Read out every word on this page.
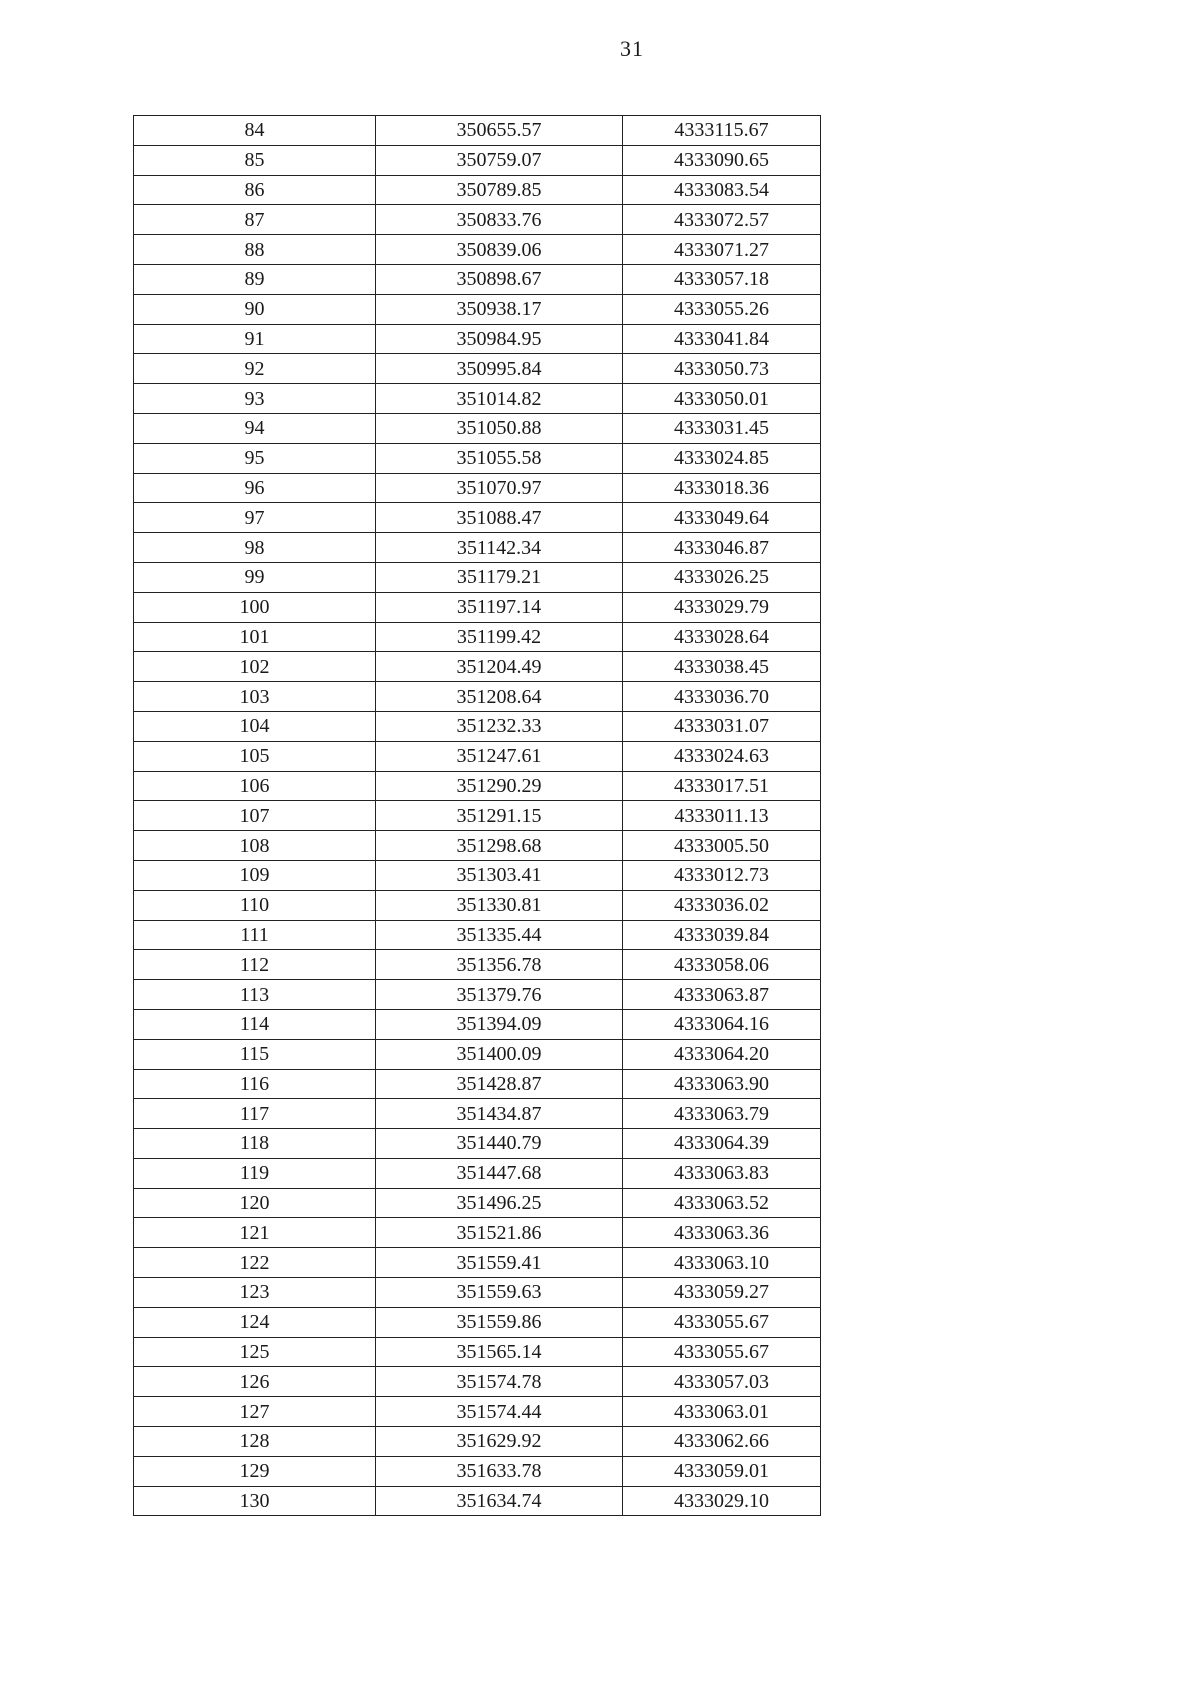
31
84	350655.57	4333115.67
85	350759.07	4333090.65
86	350789.85	4333083.54
87	350833.76	4333072.57
88	350839.06	4333071.27
89	350898.67	4333057.18
90	350938.17	4333055.26
91	350984.95	4333041.84
92	350995.84	4333050.73
93	351014.82	4333050.01
94	351050.88	4333031.45
95	351055.58	4333024.85
96	351070.97	4333018.36
97	351088.47	4333049.64
98	351142.34	4333046.87
99	351179.21	4333026.25
100	351197.14	4333029.79
101	351199.42	4333028.64
102	351204.49	4333038.45
103	351208.64	4333036.70
104	351232.33	4333031.07
105	351247.61	4333024.63
106	351290.29	4333017.51
107	351291.15	4333011.13
108	351298.68	4333005.50
109	351303.41	4333012.73
110	351330.81	4333036.02
111	351335.44	4333039.84
112	351356.78	4333058.06
113	351379.76	4333063.87
114	351394.09	4333064.16
115	351400.09	4333064.20
116	351428.87	4333063.90
117	351434.87	4333063.79
118	351440.79	4333064.39
119	351447.68	4333063.83
120	351496.25	4333063.52
121	351521.86	4333063.36
122	351559.41	4333063.10
123	351559.63	4333059.27
124	351559.86	4333055.67
125	351565.14	4333055.67
126	351574.78	4333057.03
127	351574.44	4333063.01
128	351629.92	4333062.66
129	351633.78	4333059.01
130	351634.74	4333029.10
